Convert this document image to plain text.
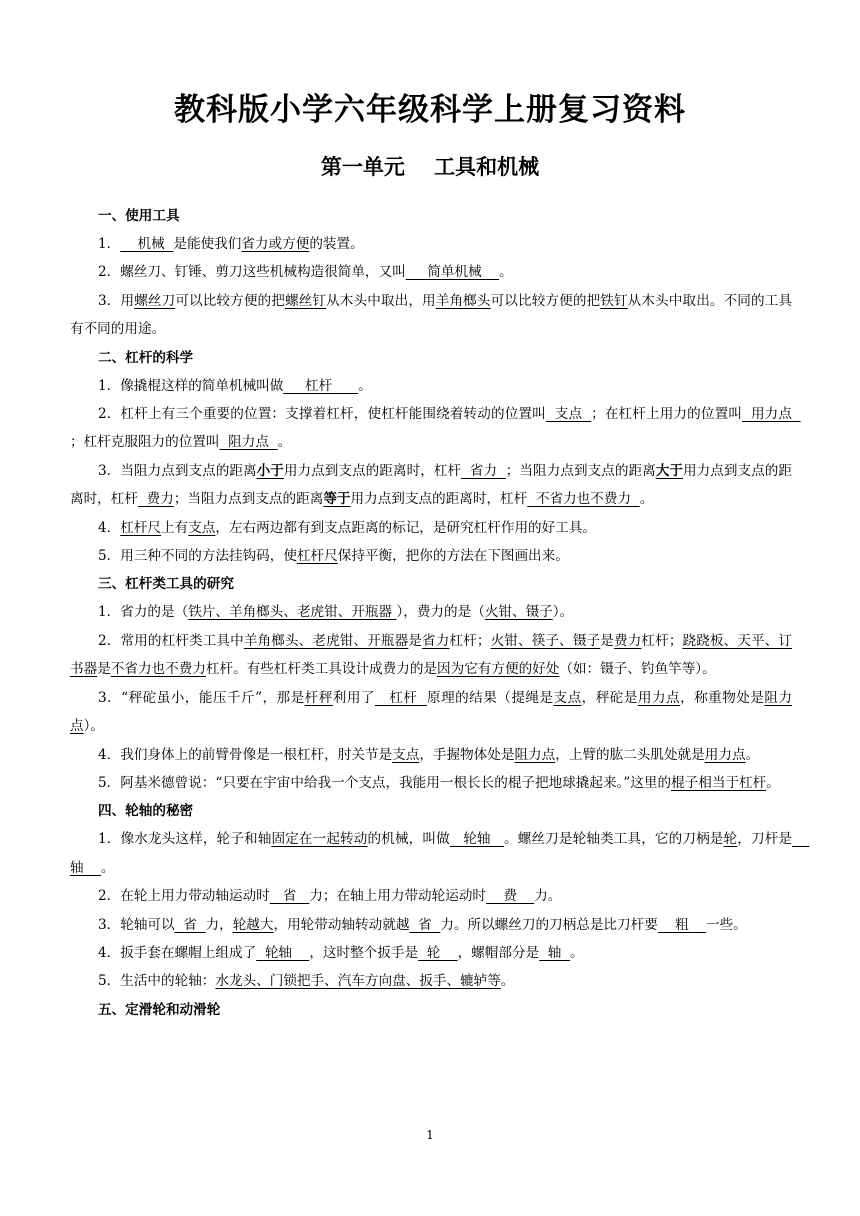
教科版小学六年级科学上册复习资料
第一单元    工具和机械
一、使用工具

1．    机械  是能使我们省力或方便的装置。

2．螺丝刀、钉锤、剪刀这些机械构造很简单，又叫     简单机械    。

3．用螺丝刀可以比较方便的把螺丝钉从木头中取出，用羊角榔头可以比较方便的把铁钉从木头中取出。不同的工具有不同的用途。

二、杠杆的科学

1．像撬棍这样的简单机械叫做     杠杆      。

2．杠杆上有三个重要的位置：支撑着杠杆，使杠杆能围绕着转动的位置叫  支点  ；在杠杆上用力的位置叫  用力点  ；杠杆克服阻力的位置叫  阻力点  。

3．当阻力点到支点的距离小于用力点到支点的距离时，杠杆  省力  ；当阻力点到支点的距离大于用力点到支点的距离时，杠杆  费力；当阻力点到支点的距离等于用力点到支点的距离时，杠杆  不省力也不费力  。

4．杠杆尺上有支点，左右两边都有到支点距离的标记，是研究杠杆作用的好工具。

5．用三种不同的方法挂钩码，使杠杆尺保持平衡，把你的方法在下图画出来。

三、杠杆类工具的研究

1．省力的是（铁片、羊角榔头、老虎钳、开瓶器 ），费力的是（火钳、镊子）。

2．常用的杠杆类工具中羊角榔头、老虎钳、开瓶器是省力杠杆；火钳、筷子、镊子是费力杠杆；跷跷板、天平、订书器是不省力也不费力杠杆。有些杠杆类工具设计成费力的是因为它有方便的好处（如：镊子、钓鱼竿等）。

3．“秤砣虽小，能压千斤”，那是杆秤利用了   杠杆  原理的结果（提绳是支点，秤砣是用力点，称重物处是阻力点）。

4．我们身体上的前臂骨像是一根杠杆，肘关节是支点，手握物体处是阻力点，上臂的肱二头肌处就是用力点。

5．阿基米德曾说：“只要在宇宙中给我一个支点，我能用一根长长的棍子把地球撬起来。”这里的棍子相当于杠杆。

四、轮轴的秘密

1．像水龙头这样，轮子和轴固定在一起转动的机械，叫做   轮轴   。螺丝刀是轮轴类工具，它的刀柄是轮，刀杆是    轴    。

2．在轮上用力带动轴运动时   省   力；在轴上用力带动轮运动时    费    力。

3．轮轴可以  省  力，轮越大，用轮带动轴转动就越  省  力。所以螺丝刀的刀柄总是比刀杆要    粗    一些。

4．扳手套在螺帽上组成了  轮轴    ，这时整个扳手是  轮    ，螺帽部分是  轴  。

5．生活中的轮轴：水龙头、门锁把手、汽车方向盘、扳手、辘轳等。

五、定滑轮和动滑轮
1
